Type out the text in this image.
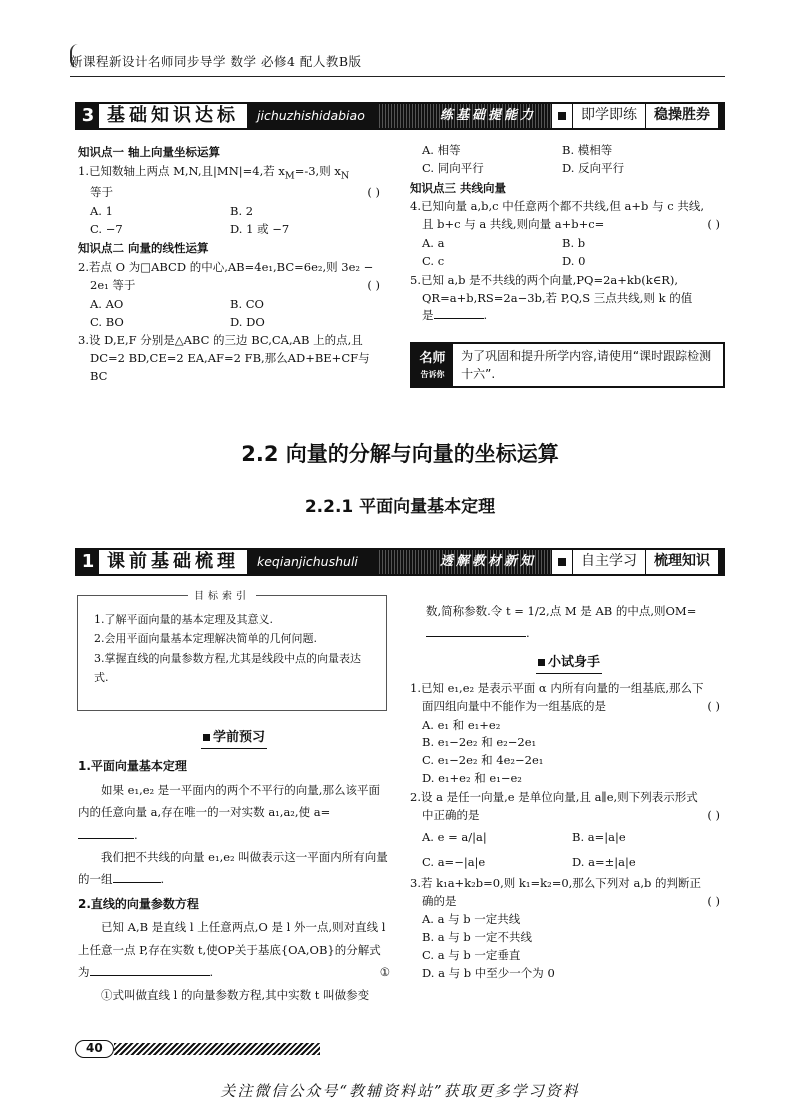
新课程新设计名师同步导学 数学 必修4 配人教B版
3 基础知识达标	jichuzhishidabiao	练基础提能力	即学即练	稳操胜券
知识点一 轴上向量坐标运算
1.已知数轴上两点 M,N,且|MN|=4,若 $x_M=-3$,则 $x_N$
等于	( )
A. 1	B. 2
C. −7	D. 1 或 −7
知识点二 向量的线性运算
2.若点 O 为□ABCD 的中心,AB=4e₁,BC=6e₂,则 3e₂ −
2e₁ 等于	( )
A. AO	B. CO
C. BO	D. DO
3.设 D,E,F 分别是△ABC 的三边 BC,CA,AB 上的点,且
DC=2 BD,CE=2 EA,AF=2 FB,那么AD+BE+CF与
BC
A. 相等	B. 模相等
C. 同向平行	D. 反向平行
知识点三 共线向量
4.已知向量 a,b,c 中任意两个都不共线,但 a+b 与 c 共线,
且 b+c 与 a 共线,则向量 a+b+c=	( )
A. a	B. b
C. c	D. 0
5.已知 a,b 是不共线的两个向量,PQ=2a+kb(k∈R),
QR=a+b,RS=2a−3b,若 P,Q,S 三点共线,则 k 的值
是	.
名师
告诉你
为了巩固和提升所学内容,请使用“课时跟踪检测十六”.
2.2 向量的分解与向量的坐标运算
2.2.1 平面向量基本定理
1 课前基础梳理	keqianjichushuli	透解教材新知	自主学习	梳理知识
目标索引
1.了解平面向量的基本定理及其意义.
2.会用平面向量基本定理解决简单的几何问题.
3.掌握直线的向量参数方程,尤其是线段中点的向量表达式.
学前预习
1.平面向量基本定理
如果 e₁,e₂ 是一平面内的两个不平行的向量,那么该平面内的任意向量 a,存在唯一的一对实数 a₁,a₂,使 a=
.
我们把不共线的向量 e₁,e₂ 叫做表示这一平面内所有向量的一组	.
2.直线的向量参数方程
已知 A,B 是直线 l 上任意两点,O 是 l 外一点,则对直线 l 上任意一点 P,存在实数 t,使OP关于基底{OA,OB}的分解式为	.	①
①式叫做直线 l 的向量参数方程,其中实数 t 叫做参变
数,简称参数.令 t = 1/2,点 M 是 AB 的中点,则OM=
.
小试身手
1.已知 e₁,e₂ 是表示平面 α 内所有向量的一组基底,那么下
面四组向量中不能作为一组基底的是	( )
A. e₁ 和 e₁+e₂
B. e₁−2e₂ 和 e₂−2e₁
C. e₁−2e₂ 和 4e₂−2e₁
D. e₁+e₂ 和 e₁−e₂
2.设 a 是任一向量,e 是单位向量,且 a∥e,则下列表示形式
中正确的是	( )
A. e = a/|a|	B. a=|a|e
C. a=−|a|e	D. a=±|a|e
3.若 k₁a+k₂b=0,则 k₁=k₂=0,那么下列对 a,b 的判断正
确的是	( )
A. a 与 b 一定共线
B. a 与 b 一定不共线
C. a 与 b 一定垂直
D. a 与 b 中至少一个为 0
40
关注微信公众号“教辅资料站”获取更多学习资料
